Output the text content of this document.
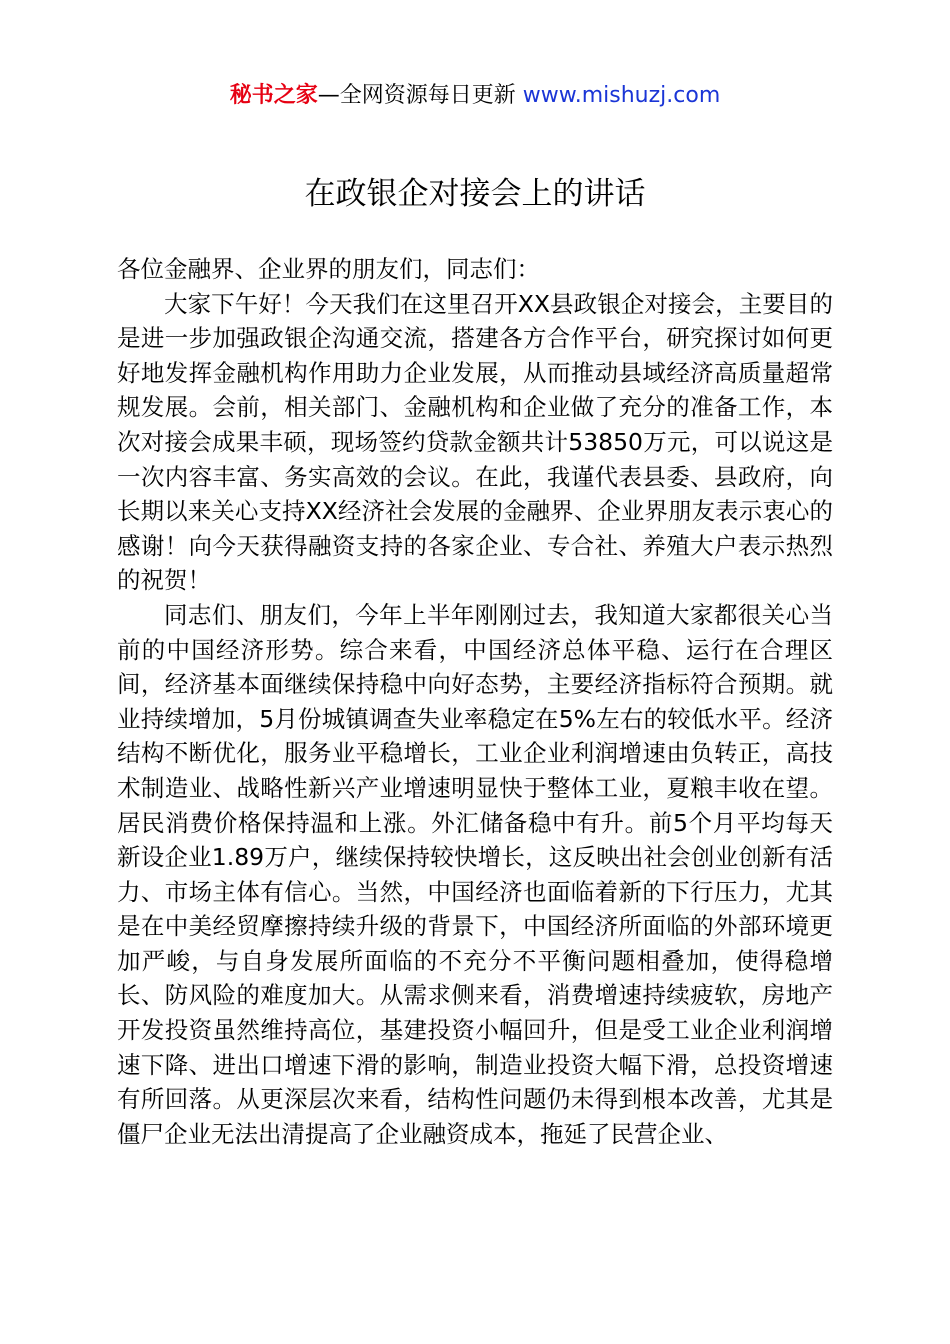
秘书之家—全网资源每日更新 www.mishuzj.com
在政银企对接会上的讲话

各位金融界、企业界的朋友们，同志们：

大家下午好！今天我们在这里召开XX县政银企对接会，主要目的是进一步加强政银企沟通交流，搭建各方合作平台，研究探讨如何更好地发挥金融机构作用助力企业发展，从而推动县域经济高质量超常规发展。会前，相关部门、金融机构和企业做了充分的准备工作，本次对接会成果丰硕，现场签约贷款金额共计53850万元，可以说这是一次内容丰富、务实高效的会议。在此，我谨代表县委、县政府，向长期以来关心支持XX经济社会发展的金融界、企业界朋友表示衷心的感谢！向今天获得融资支持的各家企业、专合社、养殖大户表示热烈的祝贺！

同志们、朋友们，今年上半年刚刚过去，我知道大家都很关心当前的中国经济形势。综合来看，中国经济总体平稳、运行在合理区间，经济基本面继续保持稳中向好态势，主要经济指标符合预期。就业持续增加，5月份城镇调查失业率稳定在5%左右的较低水平。经济结构不断优化，服务业平稳增长，工业企业利润增速由负转正，高技术制造业、战略性新兴产业增速明显快于整体工业，夏粮丰收在望。居民消费价格保持温和上涨。外汇储备稳中有升。前5个月平均每天新设企业1.89万户，继续保持较快增长，这反映出社会创业创新有活力、市场主体有信心。当然，中国经济也面临着新的下行压力，尤其是在中美经贸摩擦持续升级的背景下，中国经济所面临的外部环境更加严峻，与自身发展所面临的不充分不平衡问题相叠加，使得稳增长、防风险的难度加大。从需求侧来看，消费增速持续疲软，房地产开发投资虽然维持高位，基建投资小幅回升，但是受工业企业利润增速下降、进出口增速下滑的影响，制造业投资大幅下滑，总投资增速有所回落。从更深层次来看，结构性问题仍未得到根本改善，尤其是僵尸企业无法出清提高了企业融资成本，拖延了民营企业、
